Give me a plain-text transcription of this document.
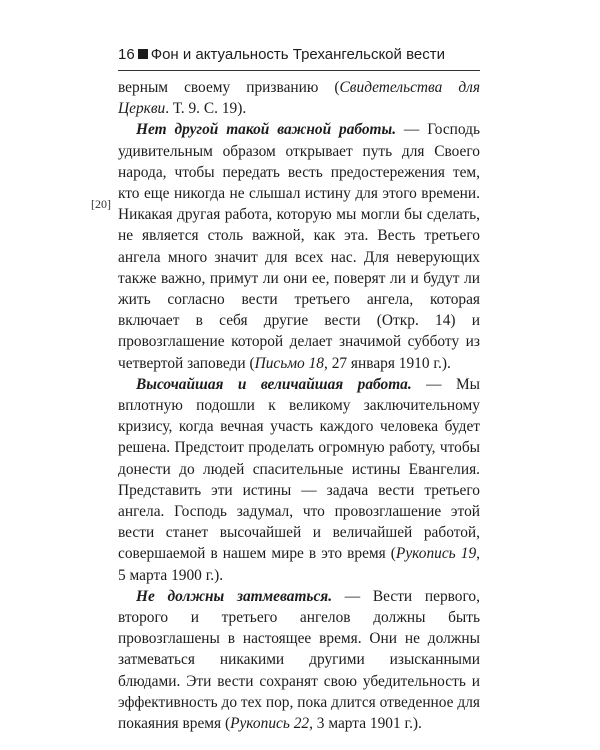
16 Фон и актуальность Трехангельской вести
[20]

верным своему призванию (Свидетельства для Церкви. Т. 9. С. 19).

Нет другой такой важной работы. — Господь удивительным образом открывает путь для Своего народа, чтобы передать весть предостережения тем, кто еще никогда не слышал истину для этого времени. Никакая другая работа, которую мы могли бы сделать, не является столь важной, как эта. Весть третьего ангела много значит для всех нас. Для неверующих также важно, примут ли они ее, поверят ли и будут ли жить согласно вести третьего ангела, которая включает в себя другие вести (Откр. 14) и провозглашение которой делает значимой субботу из четвертой заповеди (Письмо 18, 27 января 1910 г.).

Высочайшая и величайшая работа. — Мы вплотную подошли к великому заключительному кризису, когда вечная участь каждого человека будет решена. Предстоит проделать огромную работу, чтобы донести до людей спасительные истины Евангелия. Представить эти истины — задача вести третьего ангела. Господь задумал, что провозглашение этой вести станет высочайшей и величайшей работой, совершаемой в нашем мире в это время (Рукопись 19, 5 марта 1900 г.).

Не должны затмеваться. — Вести первого, второго и третьего ангелов должны быть провозглашены в настоящее время. Они не должны затмеваться никакими другими изысканными блюдами. Эти вести сохранят свою убедительность и эффективность до тех пор, пока длится отведенное для покаяния время (Рукопись 22, 3 марта 1901 г.).
